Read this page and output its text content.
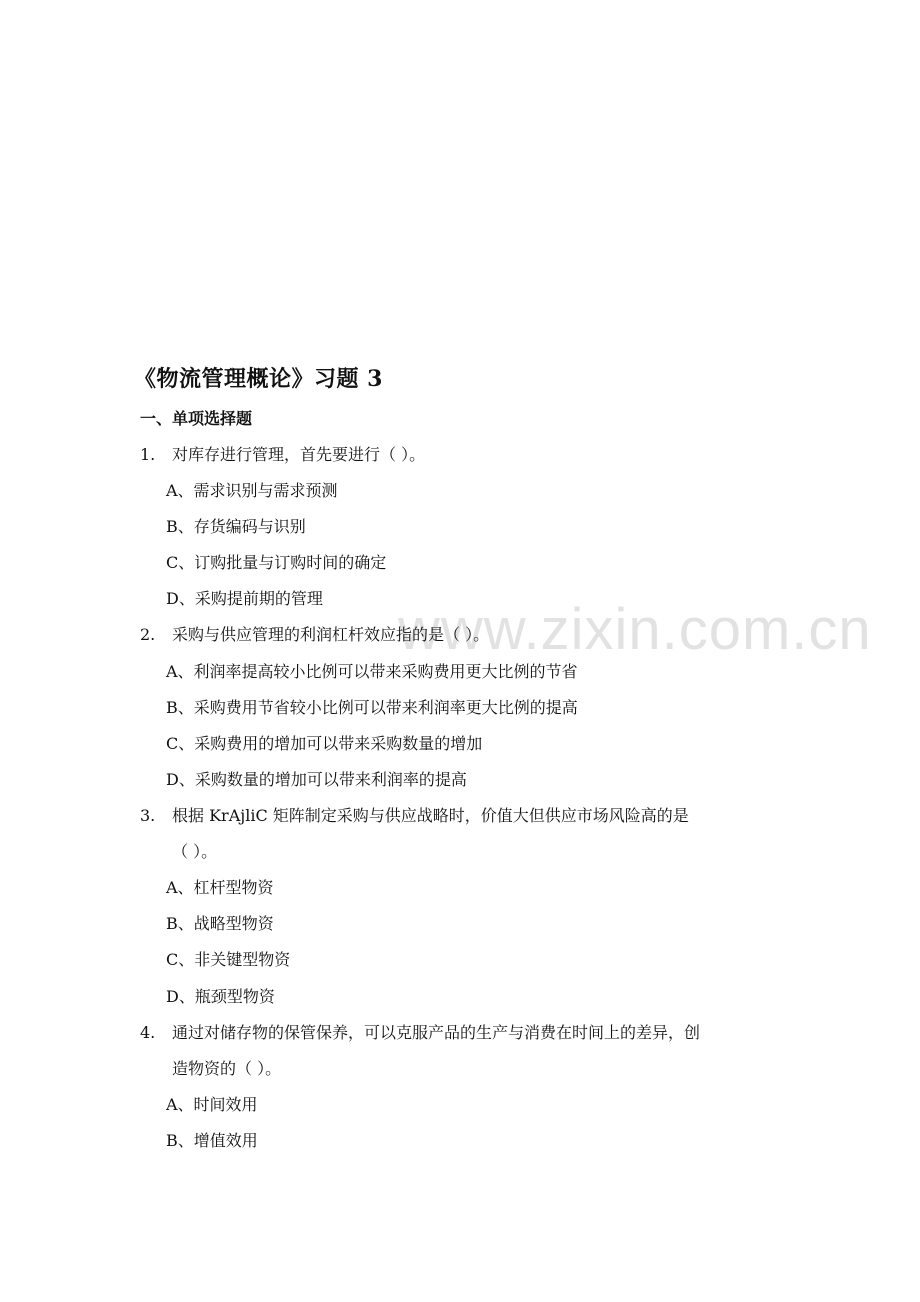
www.zixin.com.cn
《物流管理概论》习题 3
一、单项选择题
1. 对库存进行管理，首先要进行（ ）。
A、需求识别与需求预测
B、存货编码与识别
C、订购批量与订购时间的确定
D、采购提前期的管理
2. 采购与供应管理的利润杠杆效应指的是（ ）。
A、利润率提高较小比例可以带来采购费用更大比例的节省
B、采购费用节省较小比例可以带来利润率更大比例的提高
C、采购费用的增加可以带来采购数量的增加
D、采购数量的增加可以带来利润率的提高
3. 根据 KrAjliC 矩阵制定采购与供应战略时，价值大但供应市场风险高的是
（ ）。
A、杠杆型物资
B、战略型物资
C、非关键型物资
D、瓶颈型物资
4. 通过对储存物的保管保养，可以克服产品的生产与消费在时间上的差异，创
造物资的（ ）。
A、时间效用
B、增值效用
